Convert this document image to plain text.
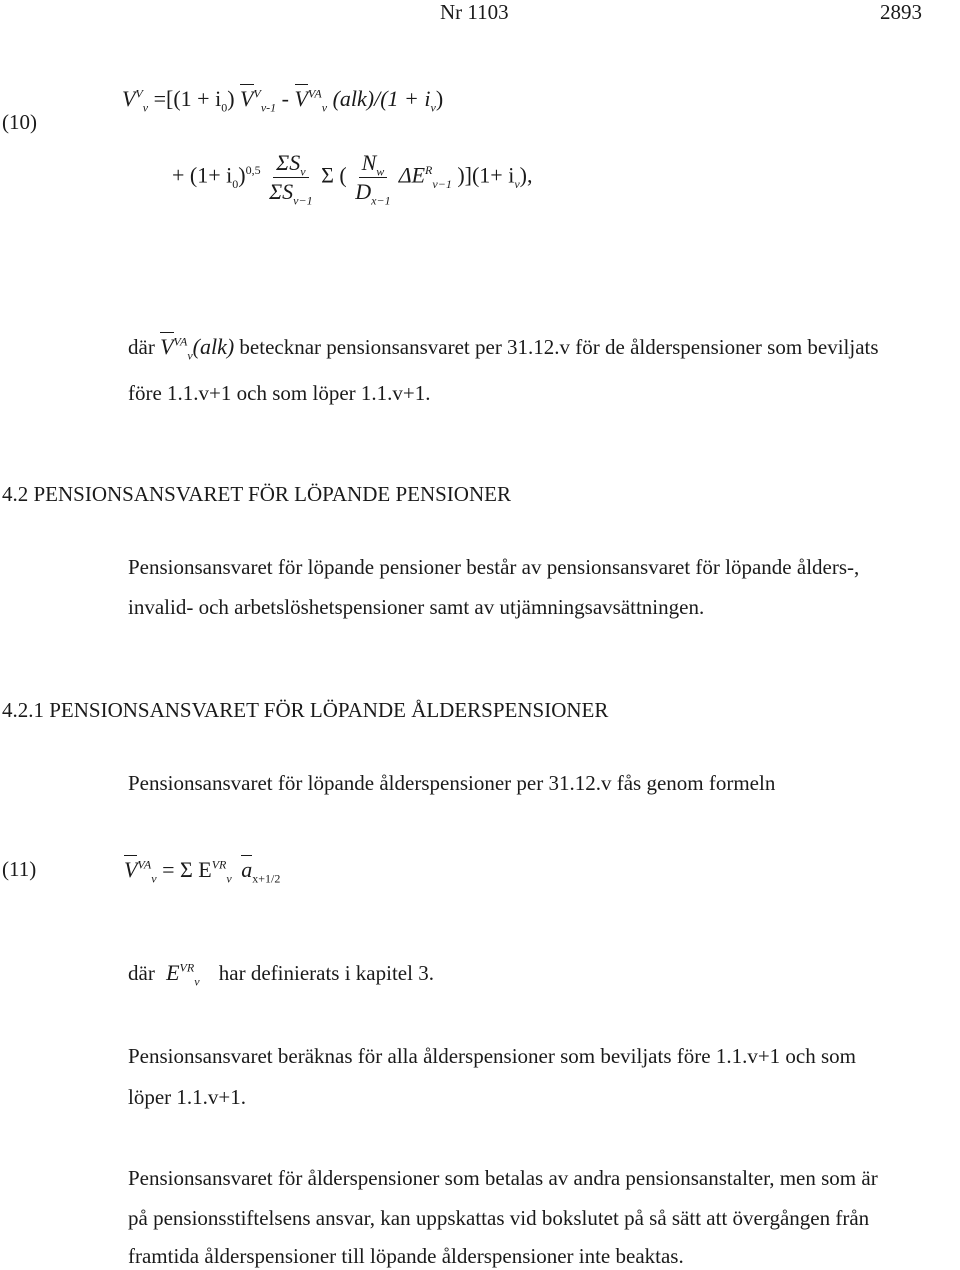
Nr 1103	2893
(10)
$V^V_v =[(1 + i_0)$ $V^V_{v-1} - V^{VA}_v$ $(alk)/(1 + i_v)$
+ $(1+ i_0)^{0,5} \frac{\Sigma S_v}{\Sigma S_{v-1}}$ Σ ( $\frac{N_w}{D_{x-1}} \Delta E^R_{v-1}$ )]$(1+ i_v)$,
där $V^{VA}_v(alk)$ betecknar pensionsansvaret per 31.12.v för de ålderspensioner som beviljats
före 1.1.v+1 och som löper 1.1.v+1.
4.2 PENSIONSANSVARET FÖR LÖPANDE PENSIONER
Pensionsansvaret för löpande pensioner består av pensionsansvaret för löpande ålders-,
invalid- och arbetslöshetspensioner samt av utjämningsavsättningen.
4.2.1 PENSIONSANSVARET FÖR LÖPANDE ÅLDERSPENSIONER
Pensionsansvaret för löpande ålderspensioner per 31.12.v fås genom formeln
(11)	$V^{VA}_v = \Sigma$ $E^{VR}_v$ $a_{x+1/2}$
där $E^{VR}_v$ har definierats i kapitel 3.
Pensionsansvaret beräknas för alla ålderspensioner som beviljats före 1.1.v+1 och som
löper 1.1.v+1.
Pensionsansvaret för ålderspensioner som betalas av andra pensionsanstalter, men som är
på pensionsstiftelsens ansvar, kan uppskattas vid bokslutet på så sätt att övergången från
framtida ålderspensioner till löpande ålderspensioner inte beaktas.
